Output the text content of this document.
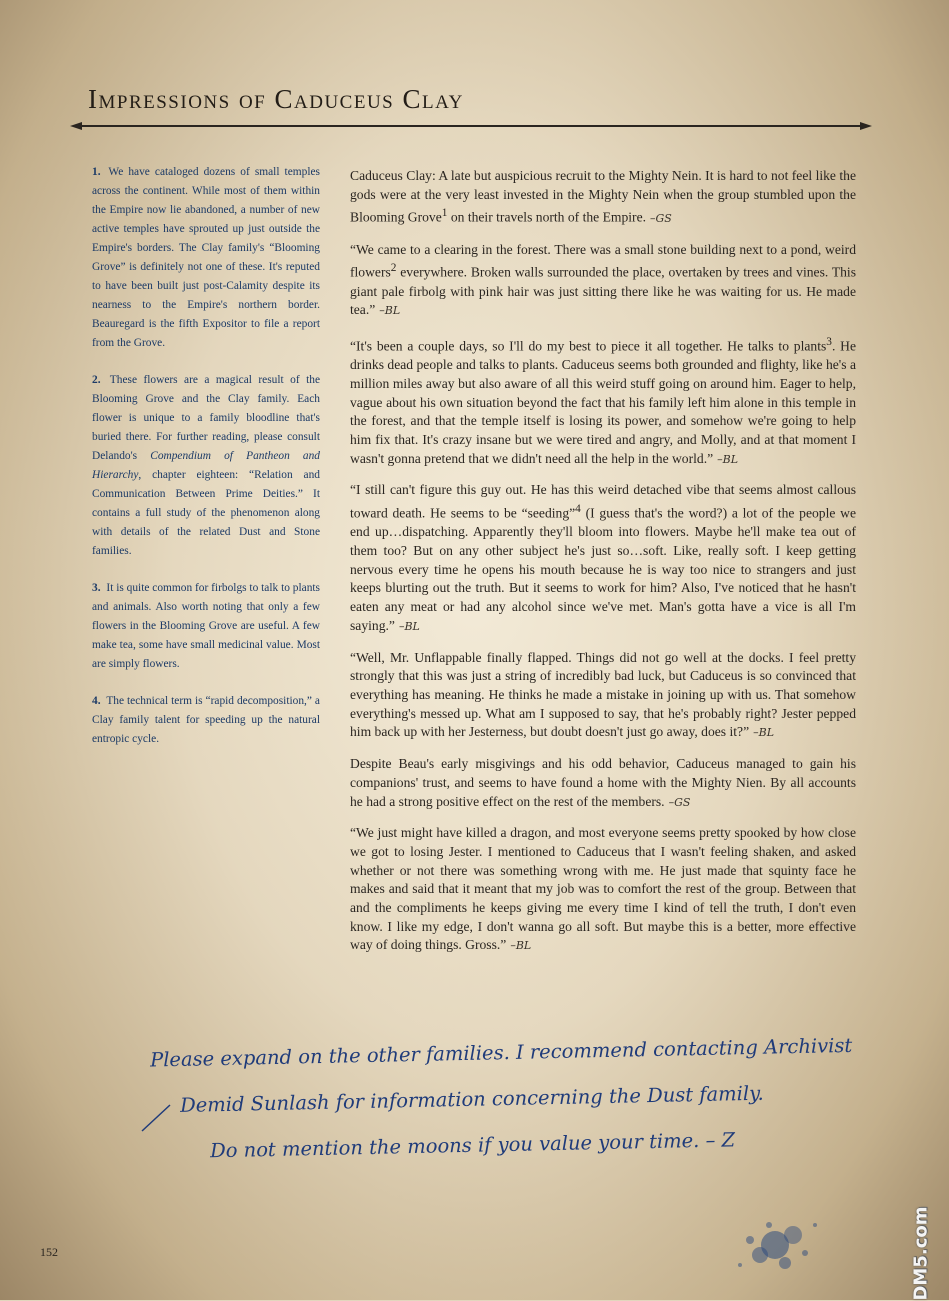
Impressions of Caduceus Clay

1. We have cataloged dozens of small temples across the continent. While most of them within the Empire now lie abandoned, a number of new active temples have sprouted up just outside the Empire's borders. The Clay family's “Blooming Grove” is definitely not one of these. It's reputed to have been built just post-Calamity despite its nearness to the Empire's northern border. Beauregard is the fifth Expositor to file a report from the Grove.

2. These flowers are a magical result of the Blooming Grove and the Clay family. Each flower is unique to a family bloodline that's buried there. For further reading, please consult Delando's Compendium of Pantheon and Hierarchy, chapter eighteen: “Relation and Communication Between Prime Deities.” It contains a full study of the phenomenon along with details of the related Dust and Stone families.

3. It is quite common for firbolgs to talk to plants and animals. Also worth noting that only a few flowers in the Blooming Grove are useful. A few make tea, some have small medicinal value. Most are simply flowers.

4. The technical term is “rapid decomposition,” a Clay family talent for speeding up the natural entropic cycle.

Caduceus Clay: A late but auspicious recruit to the Mighty Nein. It is hard to not feel like the gods were at the very least invested in the Mighty Nein when the group stumbled upon the Blooming Grove$^1$ on their travels north of the Empire. –GS

“We came to a clearing in the forest. There was a small stone building next to a pond, weird flowers$^2$ everywhere. Broken walls surrounded the place, overtaken by trees and vines. This giant pale firbolg with pink hair was just sitting there like he was waiting for us. He made tea.” –BL

“It's been a couple days, so I'll do my best to piece it all together. He talks to plants$^3$. He drinks dead people and talks to plants. Caduceus seems both grounded and flighty, like he's a million miles away but also aware of all this weird stuff going on around him. Eager to help, vague about his own situation beyond the fact that his family left him alone in this temple in the forest, and that the temple itself is losing its power, and somehow we're going to help him fix that. It's crazy insane but we were tired and angry, and Molly, and at that moment I wasn't gonna pretend that we didn't need all the help in the world.” –BL

“I still can't figure this guy out. He has this weird detached vibe that seems almost callous toward death. He seems to be “seeding”$^4$ (I guess that's the word?) a lot of the people we end up…dispatching. Apparently they'll bloom into flowers. Maybe he'll make tea out of them too? But on any other subject he's just so…soft. Like, really soft. I keep getting nervous every time he opens his mouth because he is way too nice to strangers and just keeps blurting out the truth. But it seems to work for him? Also, I've noticed that he hasn't eaten any meat or had any alcohol since we've met. Man's gotta have a vice is all I'm saying.” –BL

“Well, Mr. Unflappable finally flapped. Things did not go well at the docks. I feel pretty strongly that this was just a string of incredibly bad luck, but Caduceus is so convinced that everything has meaning. He thinks he made a mistake in joining up with us. That somehow everything's messed up. What am I supposed to say, that he's probably right? Jester pepped him back up with her Jesterness, but doubt doesn't just go away, does it?” –BL

Despite Beau's early misgivings and his odd behavior, Caduceus managed to gain his companions' trust, and seems to have found a home with the Mighty Nien. By all accounts he had a strong positive effect on the rest of the members. –GS

“We just might have killed a dragon, and most everyone seems pretty spooked by how close we got to losing Jester. I mentioned to Caduceus that I wasn't feeling shaken, and asked whether or not there was something wrong with me. He just made that squinty face he makes and said that it meant that my job was to comfort the rest of the group. Between that and the compliments he keeps giving me every time I kind of tell the truth, I don't even know. I like my edge, I don't wanna go all soft. But maybe this is a better, more effective way of doing things. Gross.” –BL

Please expand on the other families. I recommend contacting Archivist
Demid Sunlash for information concerning the Dust family.
Do not mention the moons if you value your time. – Z
152	DM5.com
